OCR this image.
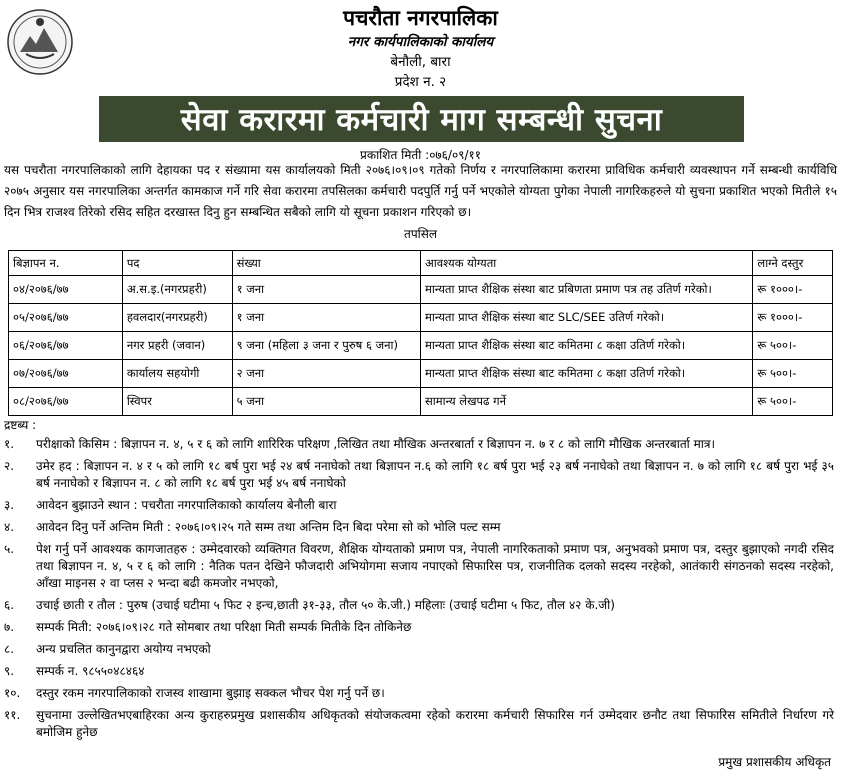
पचरौता नगरपालिका
नगर कार्यपालिकाको कार्यालय
बेनौली, बारा
प्रदेश न. २
सेवा करारमा कर्मचारी माग सम्बन्धी सुचना
प्रकाशित मिती :०७६/०९/११
यस पचरौता नगरपालिकाको लागि देहायका पद र संख्यामा यस कार्यालयको मिती २०७६।०९।०९ गतेको निर्णय र नगरपालिकामा करारमा प्राविधिक कर्मचारी व्यवस्थापन गर्ने सम्बन्धी कार्यविधि २०७५ अनुसार यस नगरपालिका अन्तर्गत कामकाज गर्ने गरि सेवा करारमा तपसिलका कर्मचारी पदपुर्ति गर्नु पर्ने भएकोले योग्यता पुगेका नेपाली नागरिकहरुले यो सुचना प्रकाशित भएको मितीले १५ दिन भित्र राजश्व तिरेको रसिद सहित दरखास्त दिनु हुन सम्बन्धित सबैको लागि यो सूचना प्रकाशन गरिएको छ।
तपसिल
बिज्ञापन न.	पद	संख्या	आवश्यक योग्यता	लाग्ने दस्तुर
०४/२०७६/७७	अ.स.इ.(नगरप्रहरी)	१ जना	मान्यता प्राप्त शैक्षिक संस्था बाट प्रबिणता प्रमाण पत्र तह उतिर्ण गरेको।	रू १०००।-
०५/२०७६/७७	हवलदार(नगरप्रहरी)	१ जना	मान्यता प्राप्त शैक्षिक संस्था बाट SLC/SEE उतिर्ण गरेको।	रू १०००।-
०६/२०७६/७७	नगर प्रहरी (जवान)	९ जना (महिला ३ जना र पुरुष ६ जना)	मान्यता प्राप्त शैक्षिक संस्था बाट कमितमा ८ कक्षा उतिर्ण गरेको।	रू ५००।-
०७/२०७६/७७	कार्यालय सहयोगी	२ जना	मान्यता प्राप्त शैक्षिक संस्था बाट कमितमा ८ कक्षा उतिर्ण गरेको।	रू ५००।-
०८/२०७६/७७	स्विपर	५ जना	सामान्य लेखपढ गर्ने	रू ५००।-
द्रष्टब्य :
१. परीक्षाको किसिम : बिज्ञापन न. ४, ५ र ६ को लागि शारिरिक परिक्षण ,लिखित तथा मौखिक अन्तरबार्ता र बिज्ञापन न. ७ र ८ को लागि मौखिक अन्तरबार्ता मात्र।
२. उमेर हद : बिज्ञापन न. ४ र ५ को लागि १८ बर्ष पुरा भई २४ बर्ष ननाघेको तथा बिज्ञापन न.६ को लागि १८ बर्ष पुरा भई २३ बर्ष ननाघेको तथा बिज्ञापन न. ७ को लागि १८ बर्ष पुरा भई ३५ बर्ष ननाघेको र बिज्ञापन न. ८ को लागि १८ बर्ष पुरा भई ४५ बर्ष ननाघेको
३. आवेदन बुझाउने स्थान : पचरौता नगरपालिकाको कार्यालय बेनौली बारा
४. आवेदन दिनु पर्ने अन्तिम मिती : २०७६।०९।२५ गते सम्म तथा अन्तिम दिन बिदा परेमा सो को भोलि पल्ट सम्म
५. पेश गर्नु पर्ने आवश्यक कागजातहरु : उम्मेदवारको व्यक्तिगत विवरण, शैक्षिक योग्यताको प्रमाण पत्र, नेपाली नागरिकताको प्रमाण पत्र, अनुभवको प्रमाण पत्र, दस्तुर बुझाएको नगदी रसिद तथा बिज्ञापन न. ४, ५ र ६ को लागि : नैतिक पतन देखिने फौजदारी अभियोगमा सजाय नपाएको सिफारिस पत्र, राजनीतिक दलको सदस्य नरहेको, आतंकारी संगठनको सदस्य नरहेको, आँखा माइनस २ वा प्लस २ भन्दा बढी कमजोर नभएको,
६. उचाई छाती र तौल : पुरुष (उचाई घटीमा ५ फिट २ इन्च,छाती ३१-३३, तौल ५० के.जी.) महिलाः (उचाई घटीमा ५ फिट, तौल ४२ के.जी)
७. सम्पर्क मिती: २०७६।०९।२८ गते सोमबार तथा परिक्षा मिती सम्पर्क मितीके दिन तोकिनेछ
८. अन्य प्रचलित कानुनद्वारा अयोग्य नभएको
९. सम्पर्क न. ९८५५०४८४६४
१०. दस्तुर रकम नगरपालिकाको राजस्व शाखामा बुझाइ सक्कल भौचर पेश गर्नु पर्ने छ।
११. सुचनामा उल्लेखितभएबाहिरका अन्य कुराहरुप्रमुख प्रशासकीय अधिकृतको संयोजकत्वमा रहेको करारमा कर्मचारी सिफारिस गर्न उम्मेदवार छनौट तथा सिफारिस समितीले निर्धारण गरे बमोजिम हुनेछ
प्रमुख प्रशासकीय अधिकृत
